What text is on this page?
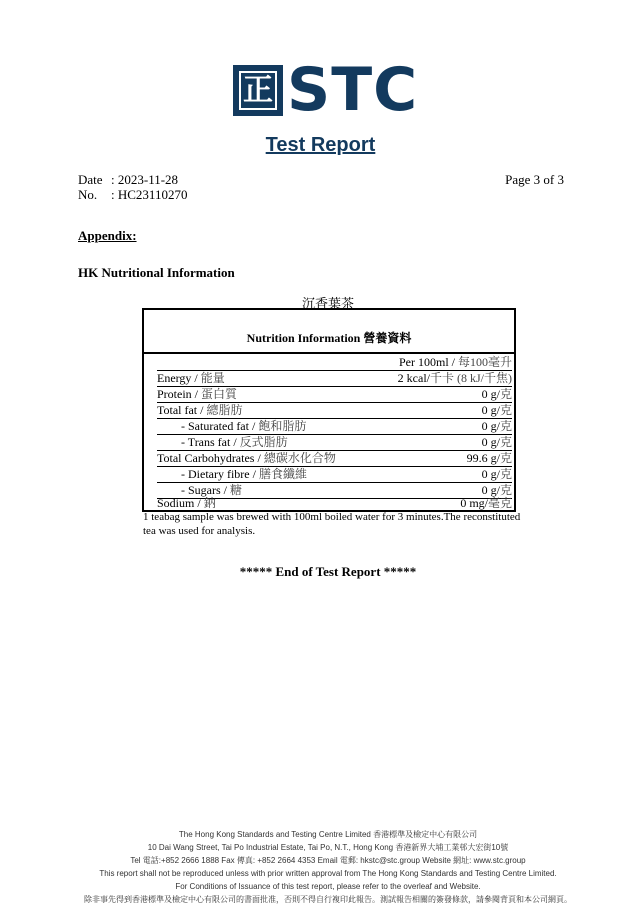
正 STC
Test Report
Date : 2023-11-28
No. : HC23110270
Page 3 of 3
Appendix:
HK Nutritional Information
沉香葉茶
Nutrition Information 營養資料
Per 100ml / 每100毫升
Energy / 能量	2 kcal/千卡 (8 kJ/千焦)
Protein / 蛋白質	0 g/克
Total fat / 總脂肪	0 g/克
- Saturated fat / 飽和脂肪	0 g/克
- Trans fat / 反式脂肪	0 g/克
Total Carbohydrates / 總碳水化合物	99.6 g/克
- Dietary fibre / 膳食纖維	0 g/克
- Sugars / 糖	0 g/克
Sodium / 鈉	0 mg/毫克
1 teabag sample was brewed with 100ml boiled water for 3 minutes.The reconstituted tea was used for analysis.
***** End of Test Report *****
The Hong Kong Standards and Testing Centre Limited 香港標準及檢定中心有限公司
10 Dai Wang Street, Tai Po Industrial Estate, Tai Po, N.T., Hong Kong 香港新界大埔工業邨大宏街10號
Tel 電話:+852 2666 1888 Fax 傳真: +852 2664 4353 Email 電郵: hkstc@stc.group Website 網址: www.stc.group
This report shall not be reproduced unless with prior written approval from The Hong Kong Standards and Testing Centre Limited.
For Conditions of Issuance of this test report, please refer to the overleaf and Website.
除非事先得到香港標準及檢定中心有限公司的書面批准，否則不得自行複印此報告。測試報告相關的簽發條款，請參閱背頁和本公司網頁。
